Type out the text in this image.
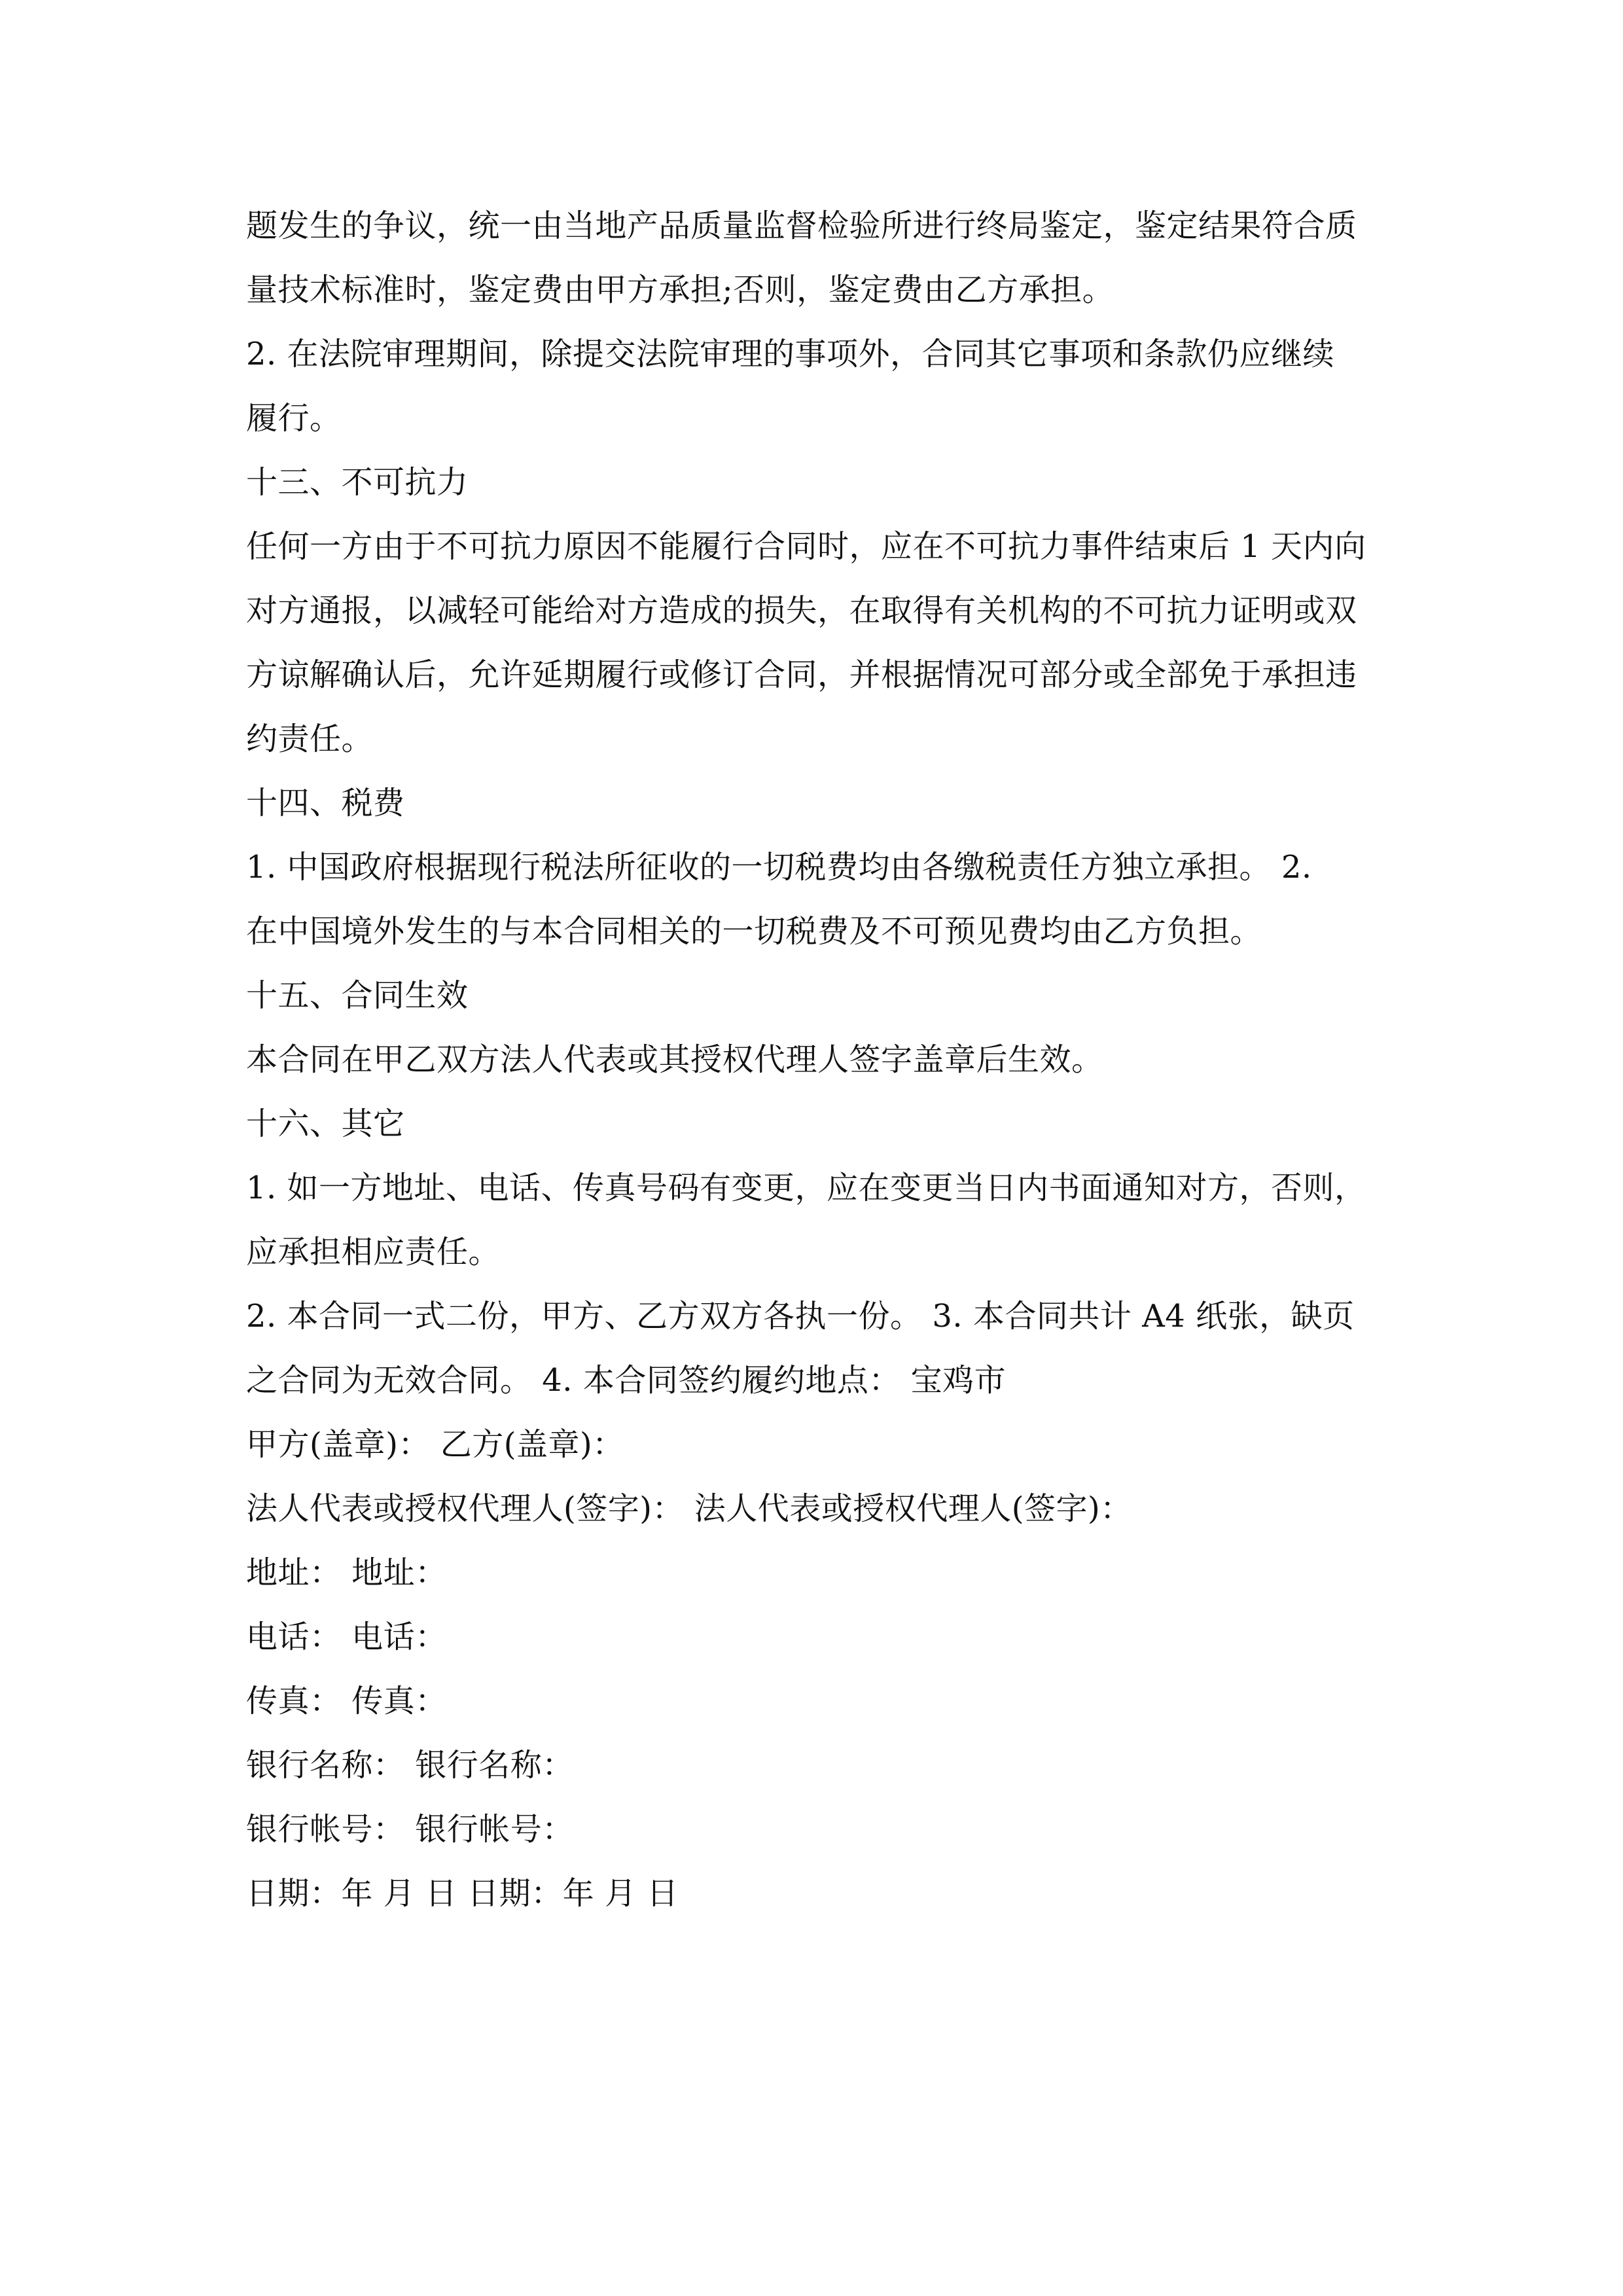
题发生的争议，统一由当地产品质量监督检验所进行终局鉴定，鉴定结果符合质
量技术标准时，鉴定费由甲方承担;否则，鉴定费由乙方承担。
2. 在法院审理期间，除提交法院审理的事项外，合同其它事项和条款仍应继续
履行。
十三、不可抗力
任何一方由于不可抗力原因不能履行合同时，应在不可抗力事件结束后 1 天内向
对方通报，以减轻可能给对方造成的损失，在取得有关机构的不可抗力证明或双
方谅解确认后，允许延期履行或修订合同，并根据情况可部分或全部免于承担违
约责任。
十四、税费
1. 中国政府根据现行税法所征收的一切税费均由各缴税责任方独立承担。 2.
在中国境外发生的与本合同相关的一切税费及不可预见费均由乙方负担。
十五、合同生效
本合同在甲乙双方法人代表或其授权代理人签字盖章后生效。
十六、其它
1. 如一方地址、电话、传真号码有变更，应在变更当日内书面通知对方，否则，
应承担相应责任。
2. 本合同一式二份，甲方、乙方双方各执一份。 3. 本合同共计 A4 纸张，缺页
之合同为无效合同。 4. 本合同签约履约地点： 宝鸡市
甲方(盖章)： 乙方(盖章)：
法人代表或授权代理人(签字)： 法人代表或授权代理人(签字)：
地址： 地址：
电话： 电话：
传真： 传真：
银行名称： 银行名称：
银行帐号： 银行帐号：
日期：年 月 日 日期：年 月 日
